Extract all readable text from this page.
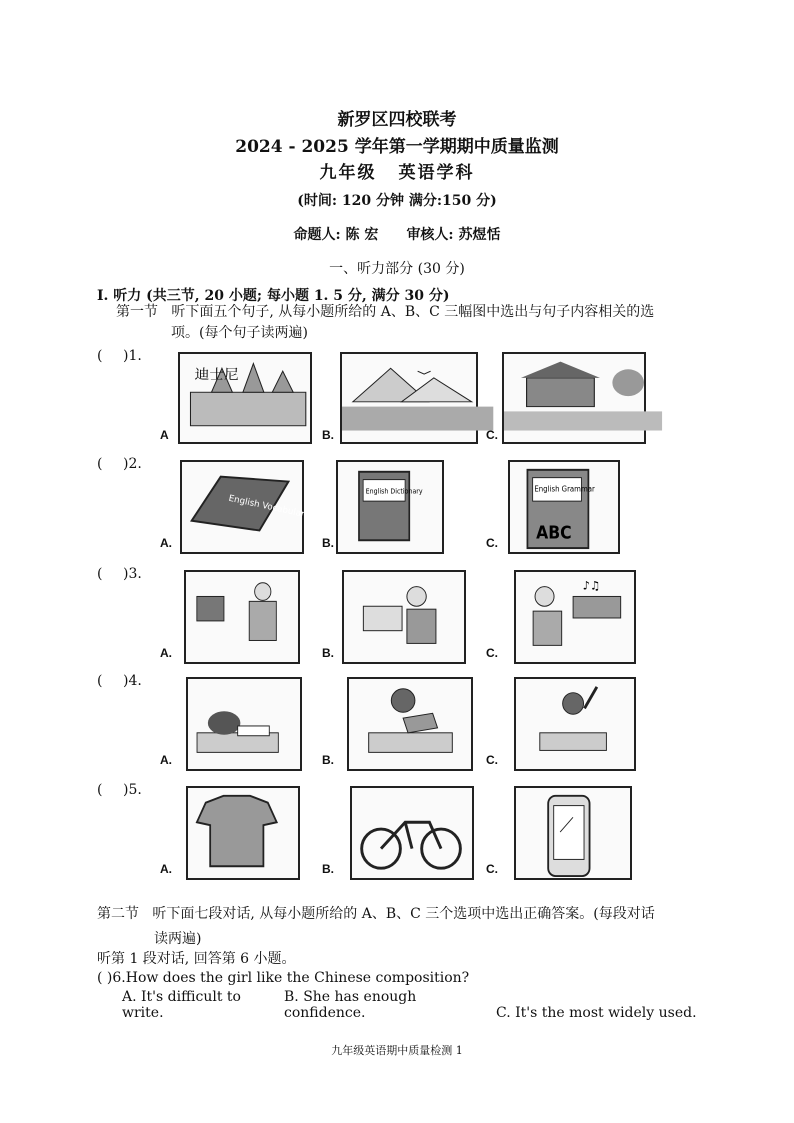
新罗区四校联考
2024 - 2025 学年第一学期期中质量监测
九年级 英语学科
(时间: 120 分钟 满分:150 分)
命题人: 陈 宏 审核人: 苏煜恬
一、听力部分 (30 分)
I. 听力 (共三节, 20 小题; 每小题 1. 5 分, 满分 30 分)
第一节 听下面五个句子, 从每小题所给的 A、B、C 三幅图中选出与句子内容相关的选
项。(每个句子读两遍)
(    )1.
迪士尼
A	B.	C.
(    )2.
English Vocabulary
A.
English Dictionary
B.
English Grammar
ABC
C.
(    )3.
A.	B.
♪♫
C.
(    )4.
A.	B.	C.
(    )5.
A.	B.	C.
第二节 听下面七段对话, 从每小题所给的 A、B、C 三个选项中选出正确答案。(每段对话
读两遍)
听第 1 段对话, 回答第 6 小题。
( )6.How does the girl like the Chinese composition?
A. It's difficult to write.B. She has enough confidence.	C. It's the most widely used.
九年级英语期中质量检测 1
